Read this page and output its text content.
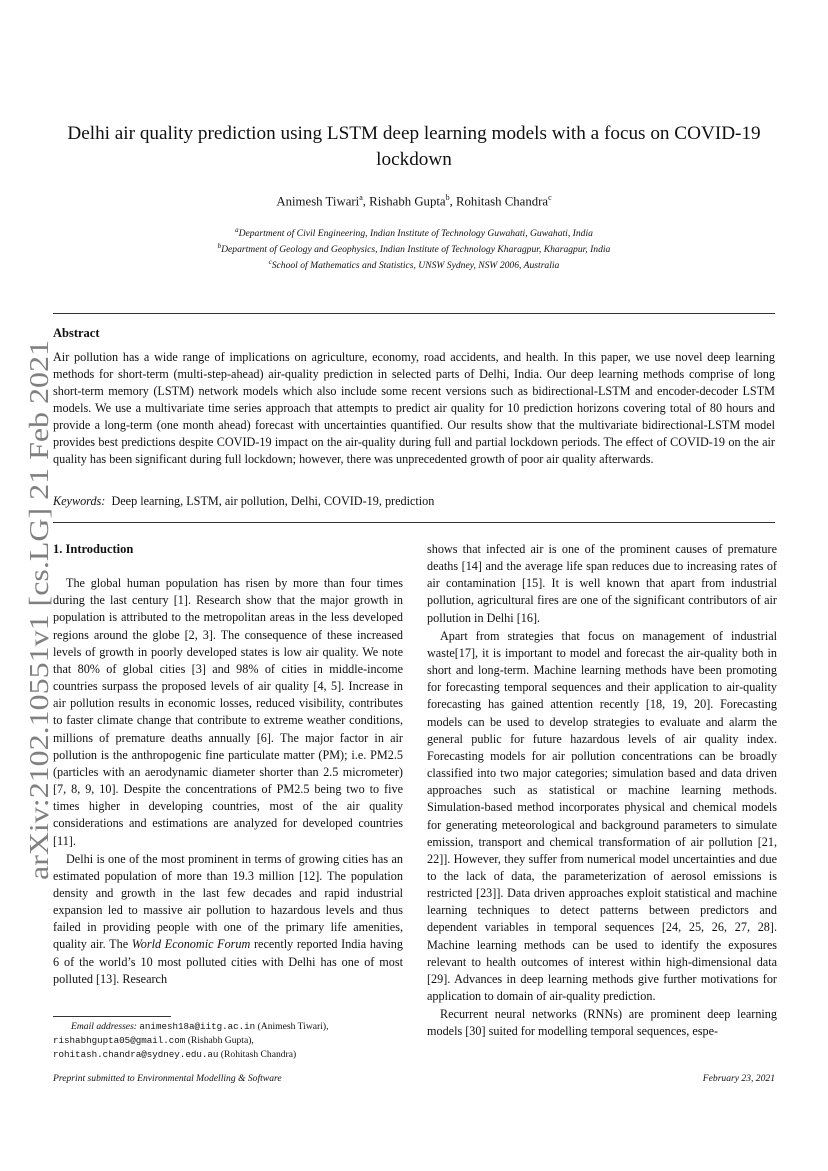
arXiv:2102.10551v1 [cs.LG] 21 Feb 2021
Delhi air quality prediction using LSTM deep learning models with a focus on COVID-19
lockdown
Animesh Tiwari$^a$, Rishabh Gupta$^b$, Rohitash Chandra$^c$
$^a$Department of Civil Engineering, Indian Institute of Technology Guwahati, Guwahati, India
$^b$Department of Geology and Geophysics, Indian Institute of Technology Kharagpur, Kharagpur, India
$^c$School of Mathematics and Statistics, UNSW Sydney, NSW 2006, Australia
Abstract

Air pollution has a wide range of implications on agriculture, economy, road accidents, and health. In this paper, we use novel deep learning methods for short-term (multi-step-ahead) air-quality prediction in selected parts of Delhi, India. Our deep learning methods comprise of long short-term memory (LSTM) network models which also include some recent versions such as bidirectional-LSTM and encoder-decoder LSTM models. We use a multivariate time series approach that attempts to predict air quality for 10 prediction horizons covering total of 80 hours and provide a long-term (one month ahead) forecast with uncertainties quantified. Our results show that the multivariate bidirectional-LSTM model provides best predictions despite COVID-19 impact on the air-quality during full and partial lockdown periods. The effect of COVID-19 on the air quality has been significant during full lockdown; however, there was unprecedented growth of poor air quality afterwards.

Keywords: Deep learning, LSTM, air pollution, Delhi, COVID-19, prediction
1. Introduction

The global human population has risen by more than four times during the last century [1]. Research show that the major growth in population is attributed to the metropolitan areas in the less developed regions around the globe [2, 3]. The consequence of these increased levels of growth in poorly developed states is low air quality. We note that 80% of global cities [3] and 98% of cities in middle-income countries surpass the proposed levels of air quality [4, 5]. Increase in air pollution results in economic losses, reduced visibility, contributes to faster climate change that contribute to extreme weather conditions, millions of premature deaths annually [6]. The major factor in air pollution is the anthropogenic fine particulate matter (PM); i.e. PM2.5 (particles with an aerodynamic diameter shorter than 2.5 micrometer) [7, 8, 9, 10]. Despite the concentrations of PM2.5 being two to five times higher in developing countries, most of the air quality considerations and estimations are analyzed for developed countries [11].

Delhi is one of the most prominent in terms of growing cities has an estimated population of more than 19.3 million [12]. The population density and growth in the last few decades and rapid industrial expansion led to massive air pollution to hazardous levels and thus failed in providing people with one of the primary life amenities, quality air. The World Economic Forum recently reported India having 6 of the world’s 10 most polluted cities with Delhi has one of most polluted [13]. Research

shows that infected air is one of the prominent causes of premature deaths [14] and the average life span reduces due to increasing rates of air contamination [15]. It is well known that apart from industrial pollution, agricultural fires are one of the significant contributors of air pollution in Delhi [16].

Apart from strategies that focus on management of industrial waste[17], it is important to model and forecast the air-quality both in short and long-term. Machine learning methods have been promoting for forecasting temporal sequences and their application to air-quality forecasting has gained attention recently [18, 19, 20]. Forecasting models can be used to develop strategies to evaluate and alarm the general public for future hazardous levels of air quality index. Forecasting models for air pollution concentrations can be broadly classified into two major categories; simulation based and data driven approaches such as statistical or machine learning methods. Simulation-based method incorporates physical and chemical models for generating meteorological and background parameters to simulate emission, transport and chemical transformation of air pollution [21, 22]]. However, they suffer from numerical model uncertainties and due to the lack of data, the parameterization of aerosol emissions is restricted [23]]. Data driven approaches exploit statistical and machine learning techniques to detect patterns between predictors and dependent variables in temporal sequences [24, 25, 26, 27, 28]. Machine learning methods can be used to identify the exposures relevant to health outcomes of interest within high-dimensional data [29]. Advances in deep learning methods give further motivations for application to domain of air-quality prediction.

Recurrent neural networks (RNNs) are prominent deep learning models [30] suited for modelling temporal sequences, espe-

Email addresses: animesh18a@iitg.ac.in (Animesh Tiwari),
rishabhgupta05@gmail.com (Rishabh Gupta),
rohitash.chandra@sydney.edu.au (Rohitash Chandra)
Preprint submitted to Environmental Modelling & Software	February 23, 2021
